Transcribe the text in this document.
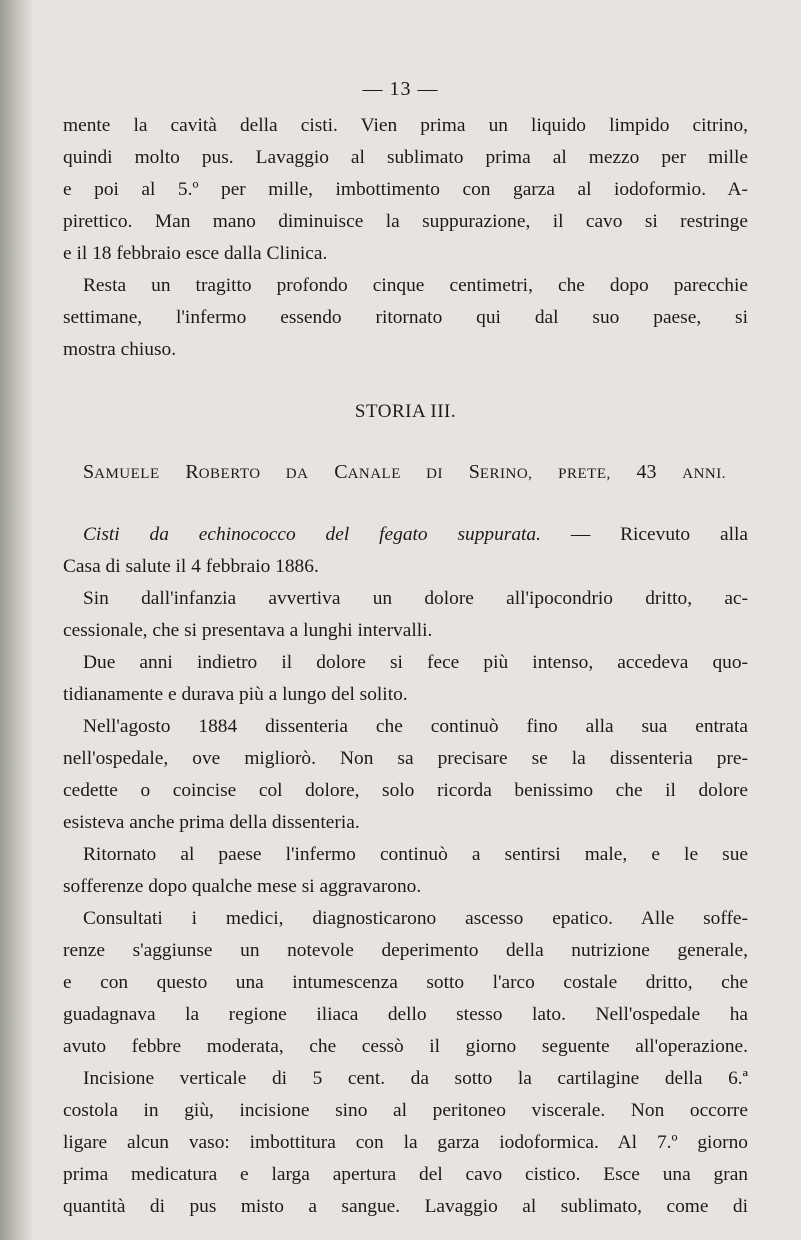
— 13 —
mente la cavità della cisti. Vien prima un liquido limpido citrino,
quindi molto pus. Lavaggio al sublimato prima al mezzo per mille
e poi al 5.º per mille, imbottimento con garza al iodoformio. A-
pirettico. Man mano diminuisce la suppurazione, il cavo si restringe
e il 18 febbraio esce dalla Clinica.
Resta un tragitto profondo cinque centimetri, che dopo parecchie
settimane, l'infermo essendo ritornato qui dal suo paese, si
mostra chiuso.
STORIA III.
SAMUELE ROBERTO DA CANALE DI SERINO, PRETE, 43 ANNI.
Cisti da echinococco del fegato suppurata. — Ricevuto alla
Casa di salute il 4 febbraio 1886.
Sin dall'infanzia avvertiva un dolore all'ipocondrio dritto, ac-
cessionale, che si presentava a lunghi intervalli.
Due anni indietro il dolore si fece più intenso, accedeva quo-
tidianamente e durava più a lungo del solito.
Nell'agosto 1884 dissenteria che continuò fino alla sua entrata
nell'ospedale, ove migliorò. Non sa precisare se la dissenteria pre-
cedette o coincise col dolore, solo ricorda benissimo che il dolore
esisteva anche prima della dissenteria.
Ritornato al paese l'infermo continuò a sentirsi male, e le sue
sofferenze dopo qualche mese si aggravarono.
Consultati i medici, diagnosticarono ascesso epatico. Alle soffe-
renze s'aggiunse un notevole deperimento della nutrizione generale,
e con questo una intumescenza sotto l'arco costale dritto, che
guadagnava la regione iliaca dello stesso lato. Nell'ospedale ha
avuto febbre moderata, che cessò il giorno seguente all'operazione.
Incisione verticale di 5 cent. da sotto la cartilagine della 6.ª
costola in giù, incisione sino al peritoneo viscerale. Non occorre
ligare alcun vaso: imbottitura con la garza iodoformica. Al 7.º giorno
prima medicatura e larga apertura del cavo cistico. Esce una gran
quantità di pus misto a sangue. Lavaggio al sublimato, come di
